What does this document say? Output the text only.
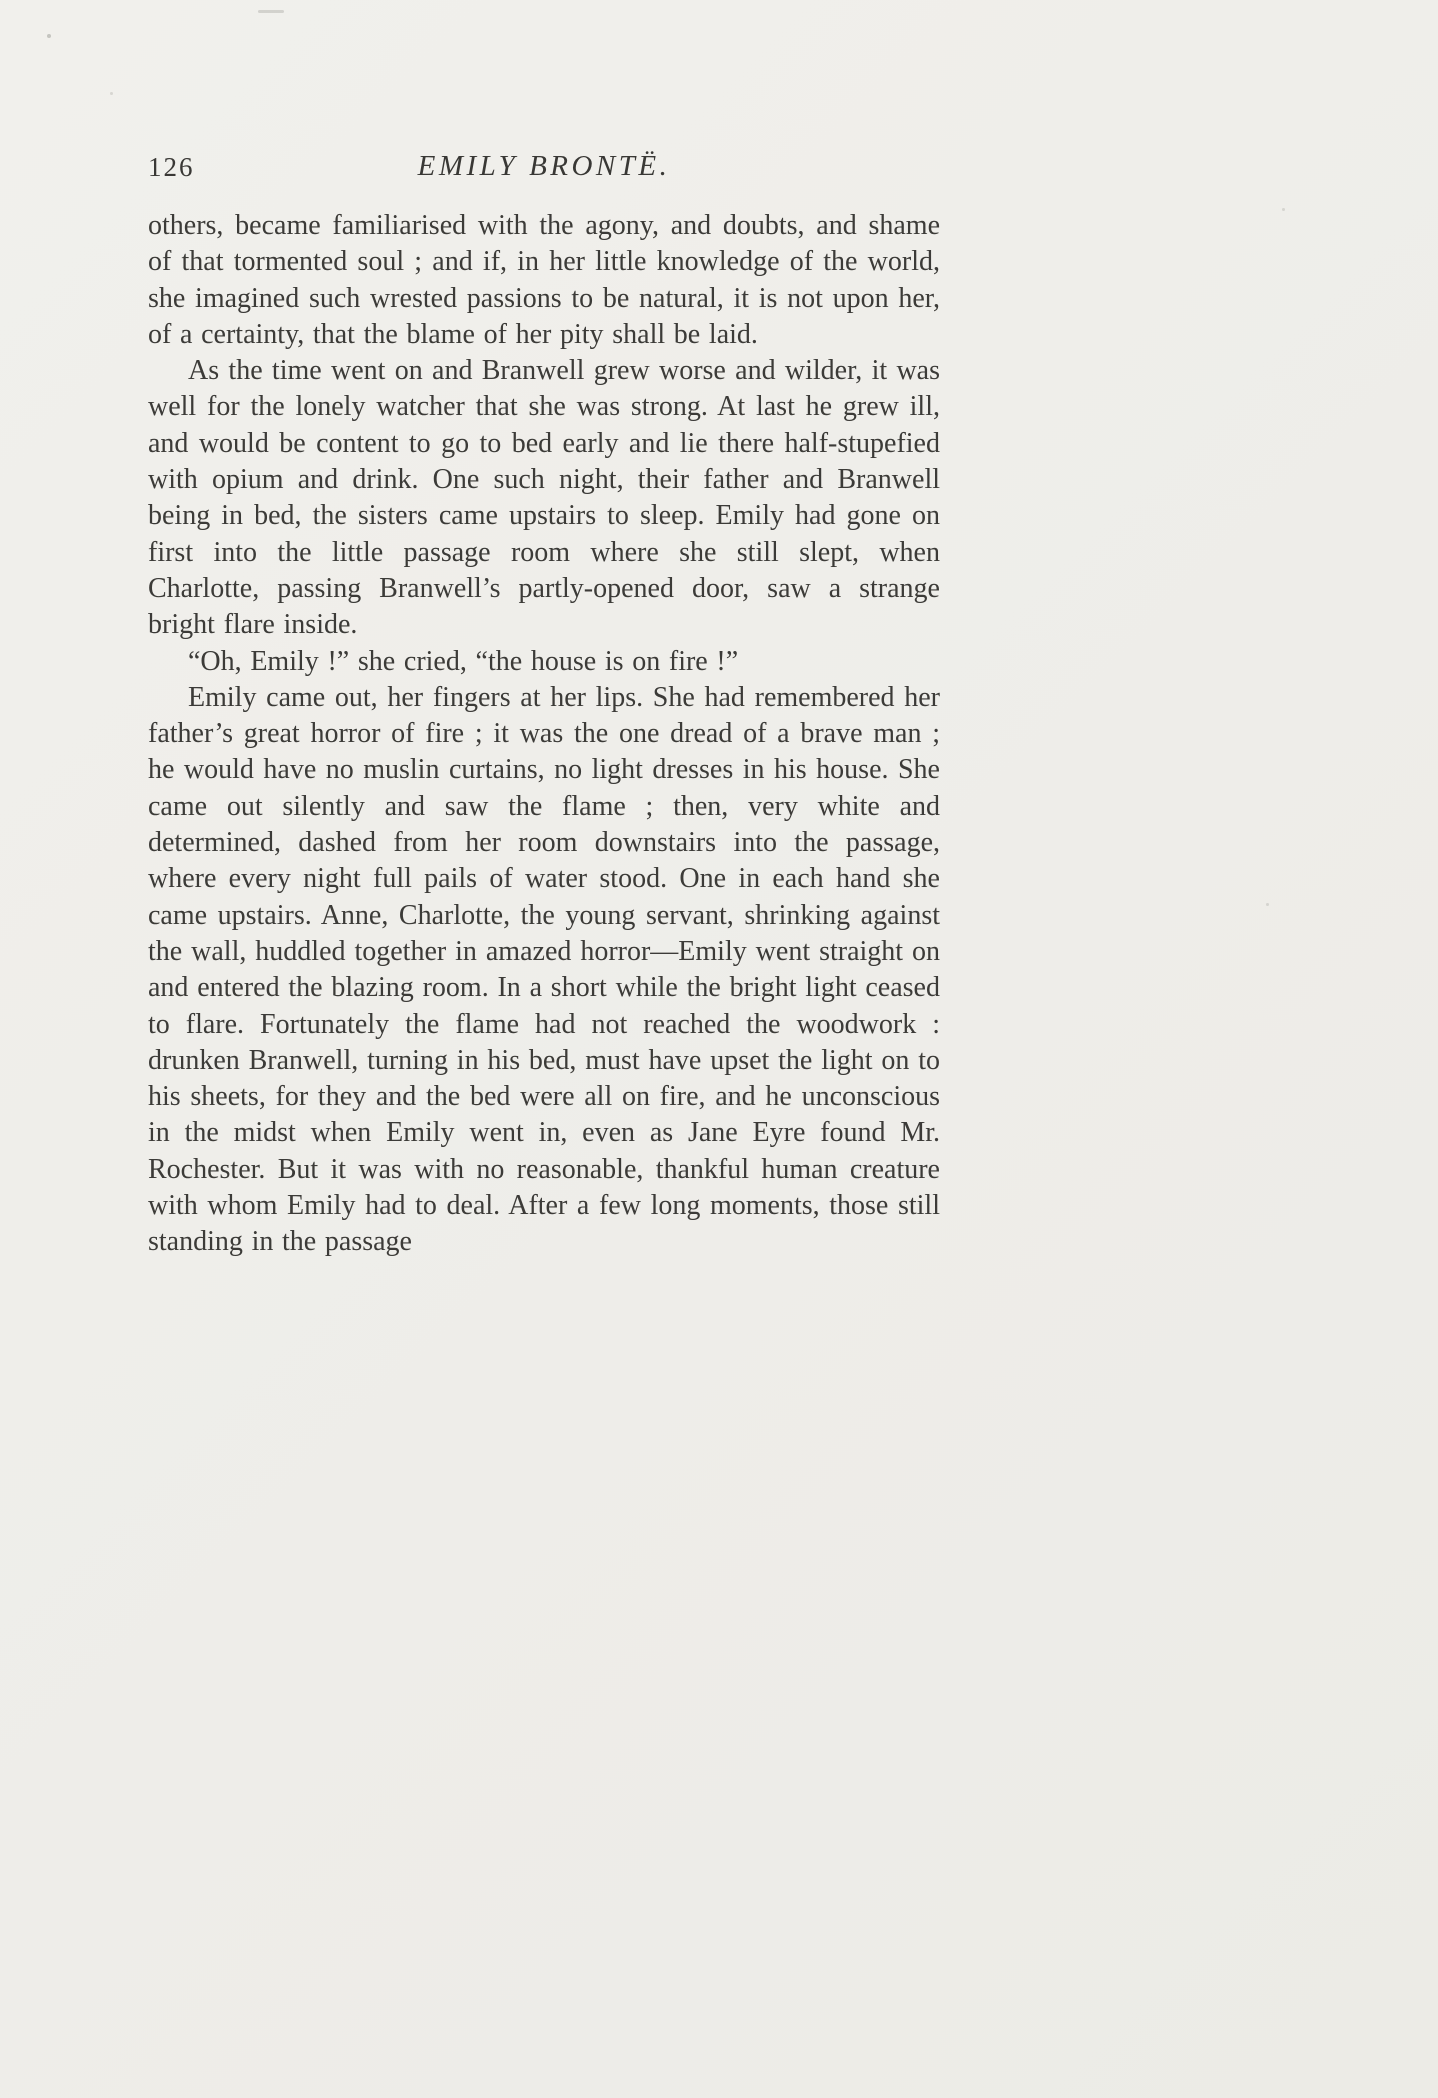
126	EMILY BRONTË.

others, became familiarised with the agony, and doubts, and shame of that tormented soul ; and if, in her little knowledge of the world, she imagined such wrested passions to be natural, it is not upon her, of a certainty, that the blame of her pity shall be laid.

As the time went on and Branwell grew worse and wilder, it was well for the lonely watcher that she was strong. At last he grew ill, and would be content to go to bed early and lie there half-stupefied with opium and drink. One such night, their father and Branwell being in bed, the sisters came upstairs to sleep. Emily had gone on first into the little passage room where she still slept, when Charlotte, passing Branwell’s partly-opened door, saw a strange bright flare inside.

“Oh, Emily !” she cried, “the house is on fire !”

Emily came out, her fingers at her lips. She had remembered her father’s great horror of fire ; it was the one dread of a brave man ; he would have no muslin curtains, no light dresses in his house. She came out silently and saw the flame ; then, very white and determined, dashed from her room downstairs into the passage, where every night full pails of water stood. One in each hand she came upstairs. Anne, Charlotte, the young servant, shrinking against the wall, huddled together in amazed horror—Emily went straight on and entered the blazing room. In a short while the bright light ceased to flare. Fortunately the flame had not reached the woodwork : drunken Branwell, turning in his bed, must have upset the light on to his sheets, for they and the bed were all on fire, and he unconscious in the midst when Emily went in, even as Jane Eyre found Mr. Rochester. But it was with no reasonable, thankful human creature with whom Emily had to deal. After a few long moments, those still standing in the passage
